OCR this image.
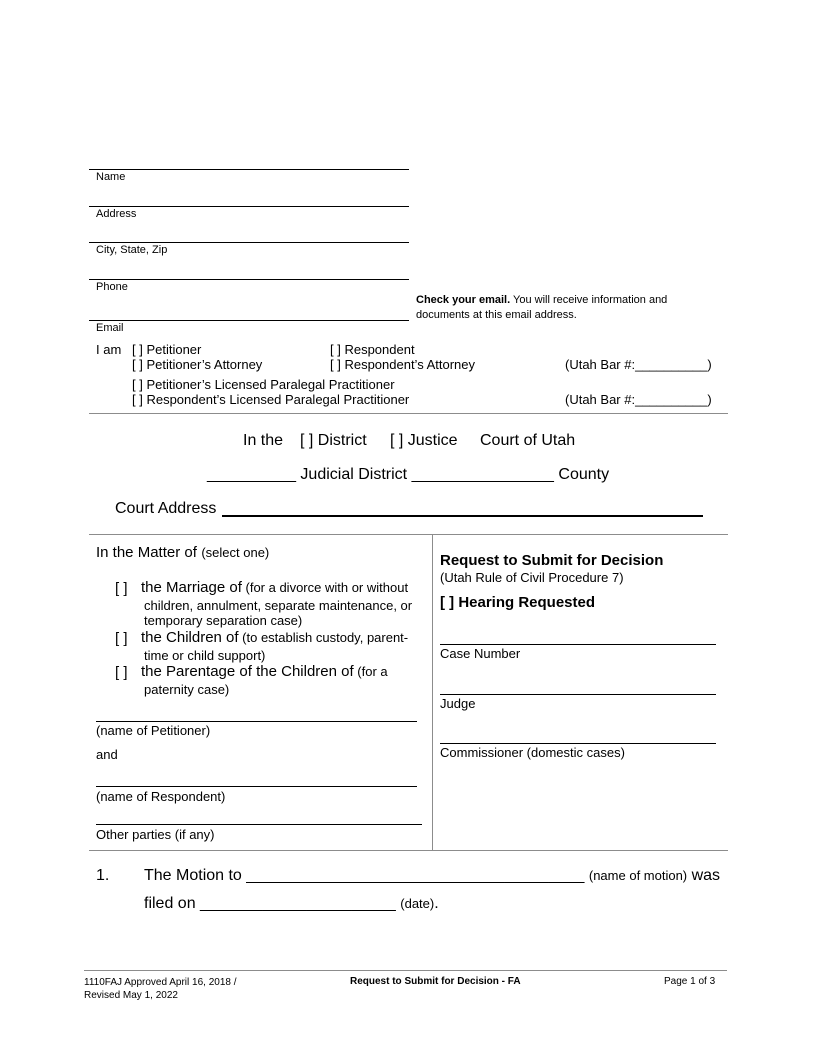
Name
Address
City, State, Zip
Phone
Check your email. You will receive information and
documents at this email address.
Email
I am [ ] Petitioner	[ ] Respondent
[ ] Petitioner’s Attorney	[ ] Respondent’s Attorney	(Utah Bar #:__________)
[ ] Petitioner’s Licensed Paralegal Practitioner
[ ] Respondent’s Licensed Paralegal Practitioner	(Utah Bar #:__________)
In the [ ] District [ ] Justice Court of Utah
__________ Judicial District ________________ County
Court Address
In the Matter of (select one)
[ ] the Marriage of (for a divorce with or without
children, annulment, separate maintenance, or
temporary separation case)
[ ] the Children of (to establish custody, parent-
time or child support)
[ ] the Parentage of the Children of (for a
paternity case)
(name of Petitioner)
and
(name of Respondent)
Other parties (if any)
Request to Submit for Decision
(Utah Rule of Civil Procedure 7)
[ ] Hearing Requested
Case Number
Judge
Commissioner (domestic cases)
1. The Motion to ______________________________________ (name of motion) was
filed on ______________________ (date).
1110FAJ Approved April 16, 2018 /
Revised May 1, 2022
Request to Submit for Decision - FA	Page 1 of 3
